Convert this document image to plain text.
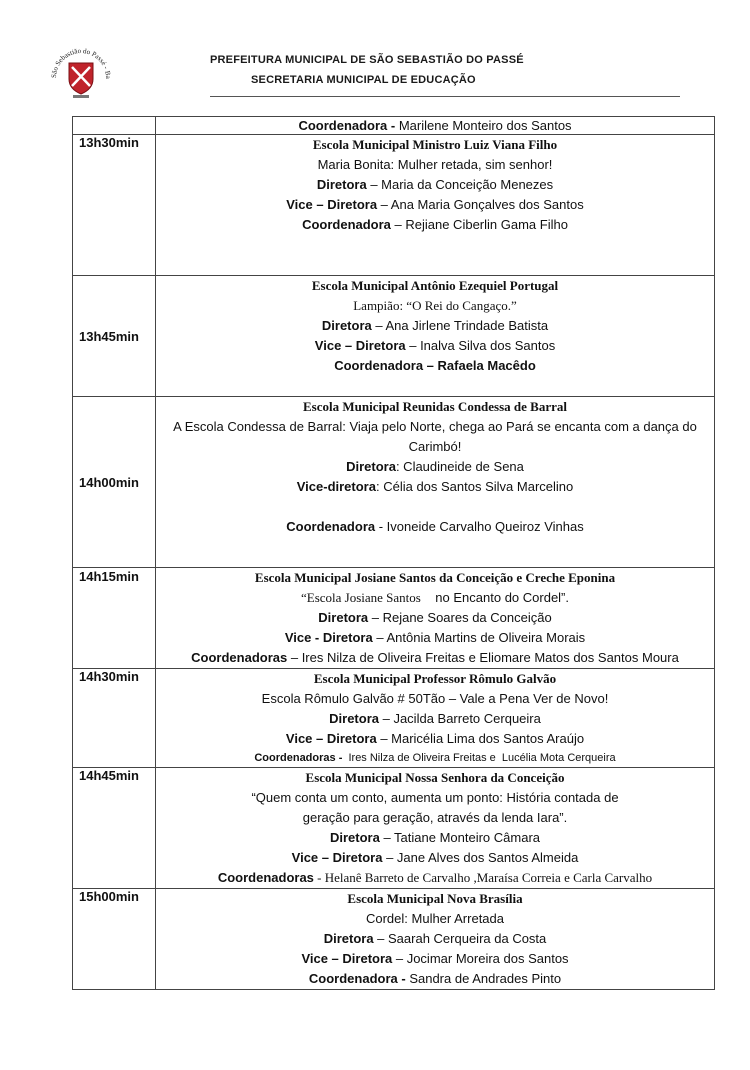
São Sebastião do Passé - Ba
PREFEITURA MUNICIPAL DE SÃO SEBASTIÃO DO PASSÉ
SECRETARIA MUNICIPAL DE EDUCAÇÃO
	Coordenadora - Marilene Monteiro dos Santos
13h30min	Escola Municipal Ministro Luiz Viana Filho
Maria Bonita: Mulher retada, sim senhor!
Diretora – Maria da Conceição Menezes
Vice – Diretora – Ana Maria Gonçalves dos Santos
Coordenadora – Rejiane Ciberlin Gama Filho

13h45min	Escola Municipal Antônio Ezequiel Portugal
Lampião: “O Rei do Cangaço.”
Diretora – Ana Jirlene Trindade Batista
Vice – Diretora – Inalva Silva dos Santos
Coordenadora – Rafaela Macêdo

14h00min	Escola Municipal Reunidas Condessa de Barral
A Escola Condessa de Barral: Viaja pelo Norte, chega ao Pará se encanta com a dança do Carimbó!
Diretora: Claudineide de Sena
Vice-diretora: Célia dos Santos Silva Marcelino
Coordenadora - Ivoneide Carvalho Queiroz Vinhas

14h15min	Escola Municipal Josiane Santos da Conceição e Creche Eponina
“Escola Josiane Santos    no Encanto do Cordel”.
Diretora – Rejane Soares da Conceição
Vice - Diretora – Antônia Martins de Oliveira Morais
Coordenadoras – Ires Nilza de Oliveira Freitas e Eliomare Matos dos Santos Moura

14h30min	Escola Municipal Professor Rômulo Galvão
Escola Rômulo Galvão # 50Tão – Vale a Pena Ver de Novo!
Diretora – Jacilda Barreto Cerqueira
Vice – Diretora – Maricélia Lima dos Santos Araújo
Coordenadoras -  Ires Nilza de Oliveira Freitas e  Lucélia Mota Cerqueira

14h45min	Escola Municipal Nossa Senhora da Conceição
“Quem conta um conto, aumenta um ponto: História contada de geração para geração, através da lenda Iara”.
Diretora – Tatiane Monteiro Câmara
Vice – Diretora – Jane Alves dos Santos Almeida
Coordenadoras - Helanê Barreto de Carvalho ,Maraísa Correia e Carla Carvalho

15h00min	Escola Municipal Nova Brasília
Cordel: Mulher Arretada
Diretora – Saarah Cerqueira da Costa
Vice – Diretora – Jocimar Moreira dos Santos
Coordenadora - Sandra de Andrades Pinto
